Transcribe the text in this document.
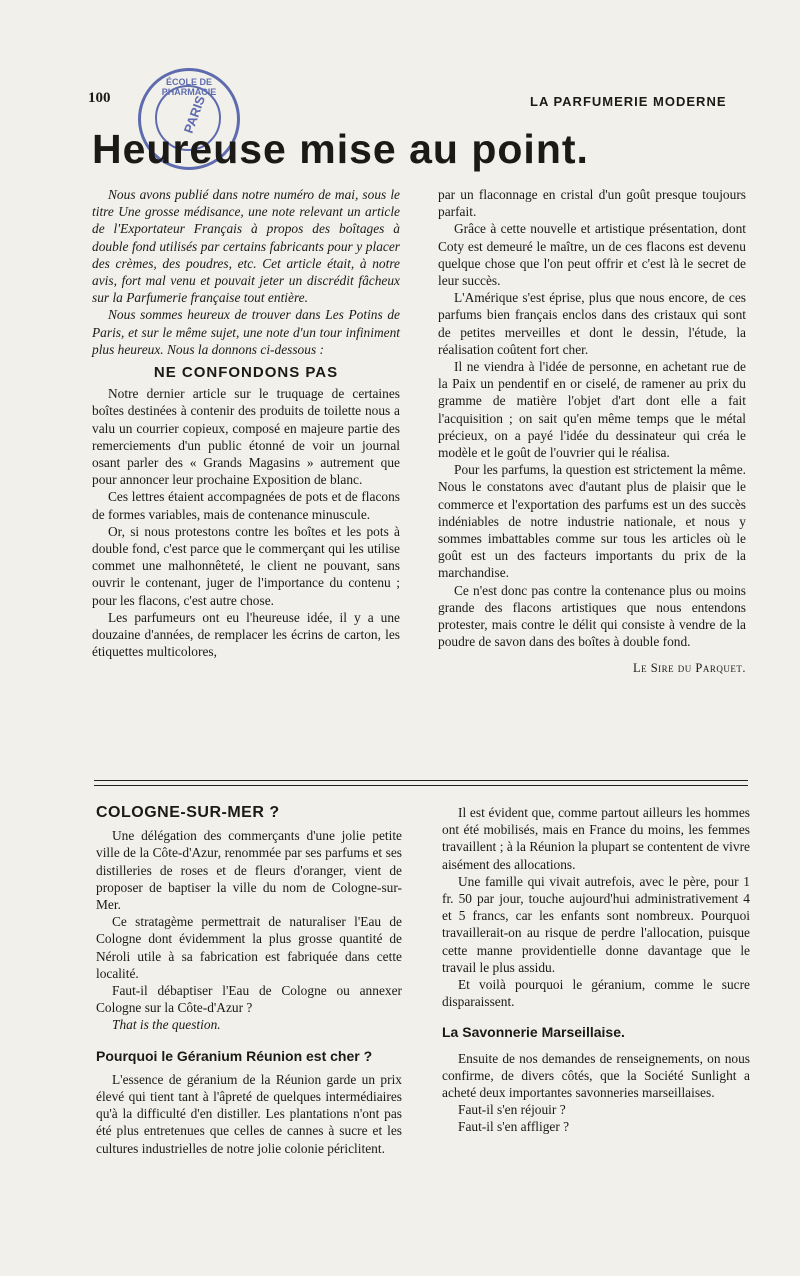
100	LA PARFUMERIE MODERNE
ÉCOLE DE PHARMACIE
PARIS
Heureuse mise au point.

Nous avons publié dans notre numéro de mai, sous le titre Une grosse médisance, une note relevant un article de l'Exportateur Français à propos des boîtages à double fond utilisés par certains fabricants pour y placer des crèmes, des poudres, etc. Cet article était, à notre avis, fort mal venu et pouvait jeter un discrédit fâcheux sur la Parfumerie française tout entière.

Nous sommes heureux de trouver dans Les Potins de Paris, et sur le même sujet, une note d'un tour infiniment plus heureux. Nous la donnons ci-dessous :

NE CONFONDONS PAS

Notre dernier article sur le truquage de certaines boîtes destinées à contenir des produits de toilette nous a valu un courrier copieux, composé en majeure partie des remerciements d'un public étonné de voir un journal osant parler des « Grands Magasins » autrement que pour annoncer leur prochaine Exposition de blanc.

Ces lettres étaient accompagnées de pots et de flacons de formes variables, mais de contenance minuscule.

Or, si nous protestons contre les boîtes et les pots à double fond, c'est parce que le commerçant qui les utilise commet une malhonnêteté, le client ne pouvant, sans ouvrir le contenant, juger de l'importance du contenu ; pour les flacons, c'est autre chose.

Les parfumeurs ont eu l'heureuse idée, il y a une douzaine d'années, de remplacer les écrins de carton, les étiquettes multicolores,

par un flaconnage en cristal d'un goût presque toujours parfait.

Grâce à cette nouvelle et artistique présentation, dont Coty est demeuré le maître, un de ces flacons est devenu quelque chose que l'on peut offrir et c'est là le secret de leur succès.

L'Amérique s'est éprise, plus que nous encore, de ces parfums bien français enclos dans des cristaux qui sont de petites merveilles et dont le dessin, l'étude, la réalisation coûtent fort cher.

Il ne viendra à l'idée de personne, en achetant rue de la Paix un pendentif en or ciselé, de ramener au prix du gramme de matière l'objet d'art dont elle a fait l'acquisition ; on sait qu'en même temps que le métal précieux, on a payé l'idée du dessinateur qui créa le modèle et le goût de l'ouvrier qui le réalisa.

Pour les parfums, la question est strictement la même. Nous le constatons avec d'autant plus de plaisir que le commerce et l'exportation des parfums est un des succès indéniables de notre industrie nationale, et nous y sommes imbattables comme sur tous les articles où le goût est un des facteurs importants du prix de la marchandise.

Ce n'est donc pas contre la contenance plus ou moins grande des flacons artistiques que nous entendons protester, mais contre le délit qui consiste à vendre de la poudre de savon dans des boîtes à double fond.

Le Sire du Parquet.
COLOGNE-SUR-MER ?

Une délégation des commerçants d'une jolie petite ville de la Côte-d'Azur, renommée par ses parfums et ses distilleries de roses et de fleurs d'oranger, vient de proposer de baptiser la ville du nom de Cologne-sur-Mer.

Ce stratagème permettrait de naturaliser l'Eau de Cologne dont évidemment la plus grosse quantité de Néroli utile à sa fabrication est fabriquée dans cette localité.

Faut-il débaptiser l'Eau de Cologne ou annexer Cologne sur la Côte-d'Azur ?

That is the question.

Pourquoi le Géranium Réunion est cher ?

L'essence de géranium de la Réunion garde un prix élevé qui tient tant à l'âpreté de quelques intermédiaires qu'à la difficulté d'en distiller. Les plantations n'ont pas été plus entretenues que celles de cannes à sucre et les cultures industrielles de notre jolie colonie périclitent.

Il est évident que, comme partout ailleurs les hommes ont été mobilisés, mais en France du moins, les femmes travaillent ; à la Réunion la plupart se contentent de vivre aisément des allocations.

Une famille qui vivait autrefois, avec le père, pour 1 fr. 50 par jour, touche aujourd'hui administrativement 4 et 5 francs, car les enfants sont nombreux. Pourquoi travaillerait-on au risque de perdre l'allocation, puisque cette manne providentielle donne davantage que le travail le plus assidu.

Et voilà pourquoi le géranium, comme le sucre disparaissent.

La Savonnerie Marseillaise.

Ensuite de nos demandes de renseignements, on nous confirme, de divers côtés, que la Société Sunlight a acheté deux importantes savonneries marseillaises.

Faut-il s'en réjouir ?

Faut-il s'en affliger ?
